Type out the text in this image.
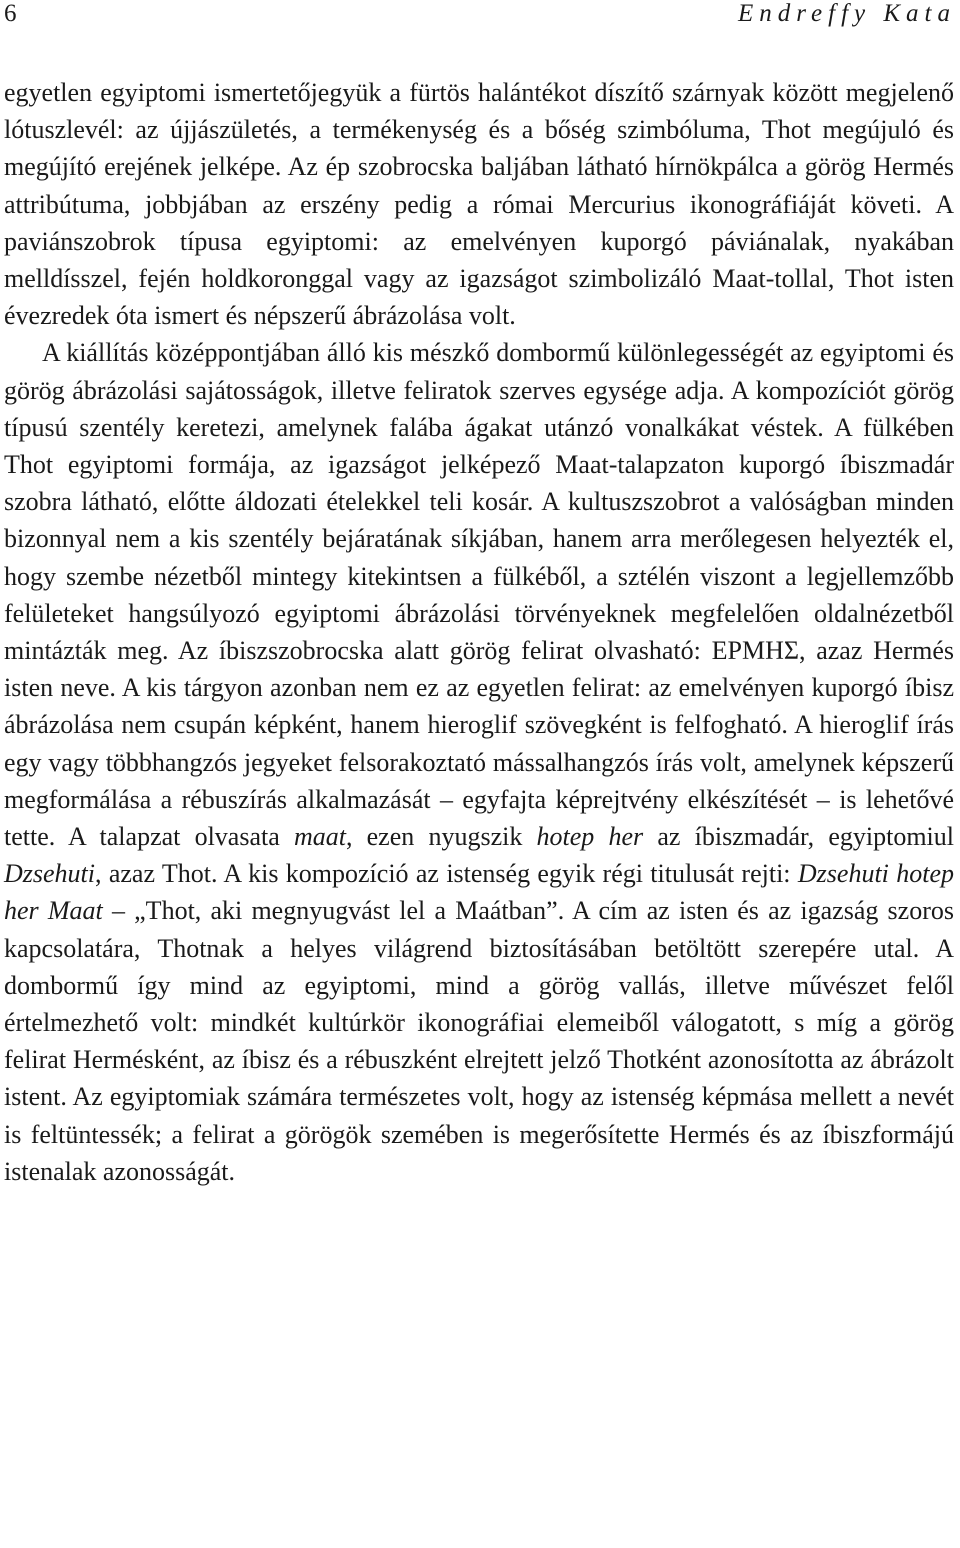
6	Endreffy Kata

egyetlen egyiptomi ismertetőjegyük a fürtös halántékot díszítő szárnyak között megjelenő lótuszlevél: az újjászületés, a termékenység és a bőség szimbóluma, Thot megújuló és megújító erejének jelképe. Az ép szobrocska baljában látható hírnökpálca a görög Hermés attribútuma, jobbjában az erszény pedig a római Mercurius ikonográfiáját követi. A paviánszobrok típusa egyiptomi: az emelvényen kuporgó páviánalak, nyakában melldísszel, fején holdkoronggal vagy az igazságot szimbolizáló Maat-tollal, Thot isten évezredek óta ismert és népszerű ábrázolása volt.

A kiállítás középpontjában álló kis mészkő dombormű különlegességét az egyiptomi és görög ábrázolási sajátosságok, illetve feliratok szerves egysége adja. A kompozíciót görög típusú szentély keretezi, amelynek falába ágakat utánzó vonalkákat véstek. A fülkében Thot egyiptomi formája, az igazságot jelképező Maat-talapzaton kuporgó íbiszmadár szobra látható, előtte áldozati ételekkel teli kosár. A kultuszszobrot a valóságban minden bizonnyal nem a kis szentély bejáratának síkjában, hanem arra merőlegesen helyezték el, hogy szembe nézetből mintegy kitekintsen a fülkéből, a sztélén viszont a legjellemzőbb felületeket hangsúlyozó egyiptomi ábrázolási törvényeknek megfelelően oldalnézetből mintázták meg. Az íbiszszobrocska alatt görög felirat olvasható: ΕΡΜΗΣ, azaz Hermés isten neve. A kis tárgyon azonban nem ez az egyetlen felirat: az emelvényen kuporgó íbisz ábrázolása nem csupán képként, hanem hieroglif szövegként is felfogható. A hieroglif írás egy vagy többhangzós jegyeket felsorakoztató mássalhangzós írás volt, amelynek képszerű megformálása a rébuszírás alkalmazását – egyfajta képrejtvény elkészítését – is lehetővé tette. A talapzat olvasata maat, ezen nyugszik hotep her az íbiszmadár, egyiptomiul Dzsehuti, azaz Thot. A kis kompozíció az istenség egyik régi titulusát rejti: Dzsehuti hotep her Maat – „Thot, aki megnyugvást lel a Maátban”. A cím az isten és az igazság szoros kapcsolatára, Thotnak a helyes világrend biztosításában betöltött szerepére utal. A dombormű így mind az egyiptomi, mind a görög vallás, illetve művészet felől értelmezhető volt: mindkét kultúrkör ikonográfiai elemeiből válogatott, s míg a görög felirat Hermésként, az íbisz és a rébuszként elrejtett jelző Thotként azonosította az ábrázolt istent. Az egyiptomiak számára természetes volt, hogy az istenség képmása mellett a nevét is feltüntessék; a felirat a görögök szemében is megerősítette Hermés és az íbiszformájú istenalak azonosságát.
